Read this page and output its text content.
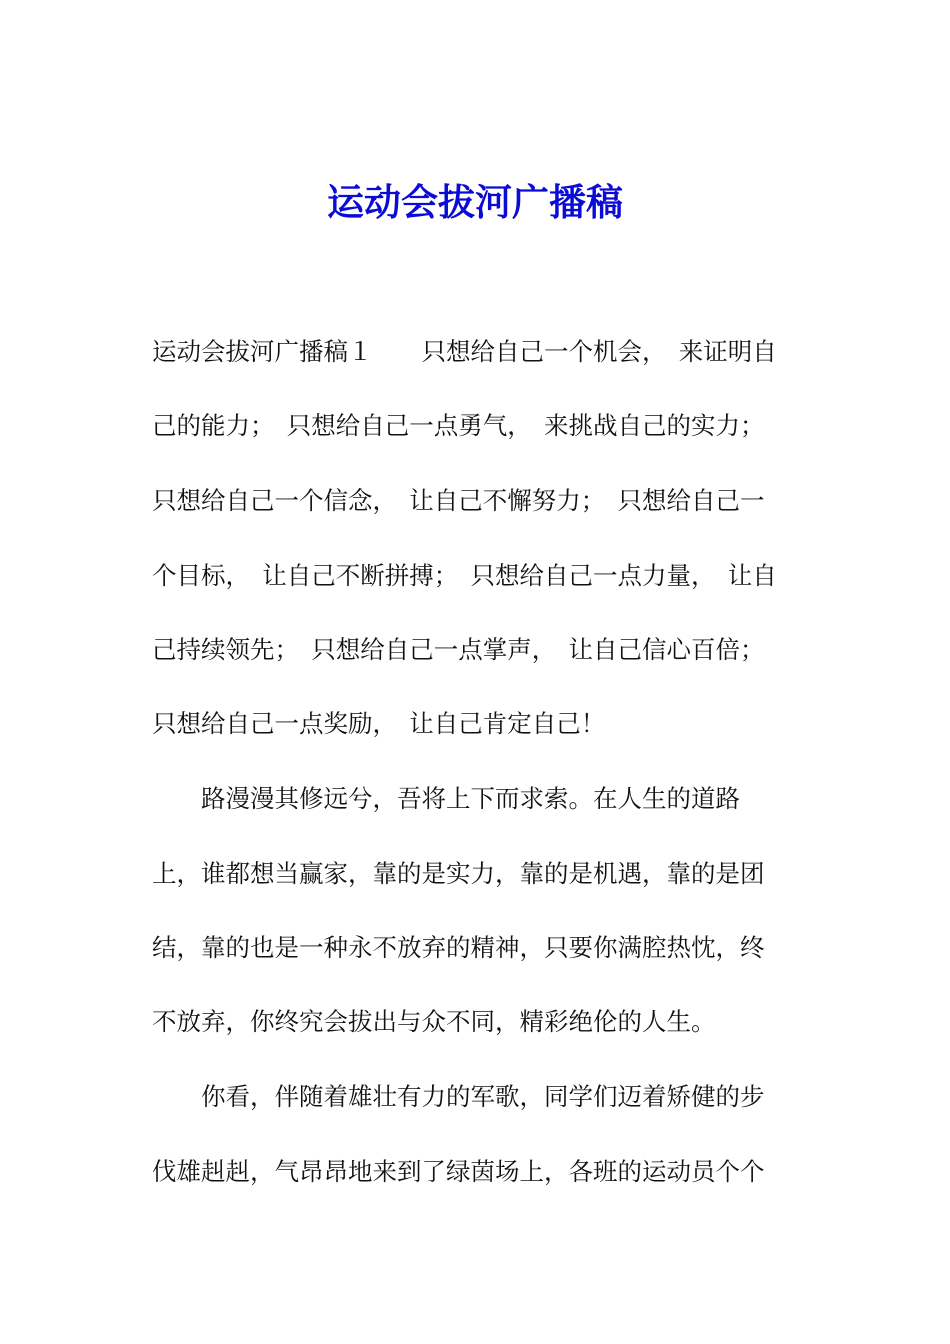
运动会拔河广播稿

运动会拔河广播稿１　　只想给自己一个机会，　来证明自

己的能力；　只想给自己一点勇气，　来挑战自己的实力；

只想给自己一个信念，　让自己不懈努力；　只想给自己一

个目标，　让自己不断拼搏；　只想给自己一点力量，　让自

己持续领先；　只想给自己一点掌声，　让自己信心百倍；

只想给自己一点奖励，　让自己肯定自己！

　　路漫漫其修远兮，吾将上下而求索。在人生的道路

上，谁都想当赢家，靠的是实力，靠的是机遇，靠的是团

结，靠的也是一种永不放弃的精神，只要你满腔热忱，终

不放弃，你终究会拔出与众不同，精彩绝伦的人生。

　　你看，伴随着雄壮有力的军歌，同学们迈着矫健的步

伐雄赳赳，气昂昂地来到了绿茵场上，各班的运动员个个
